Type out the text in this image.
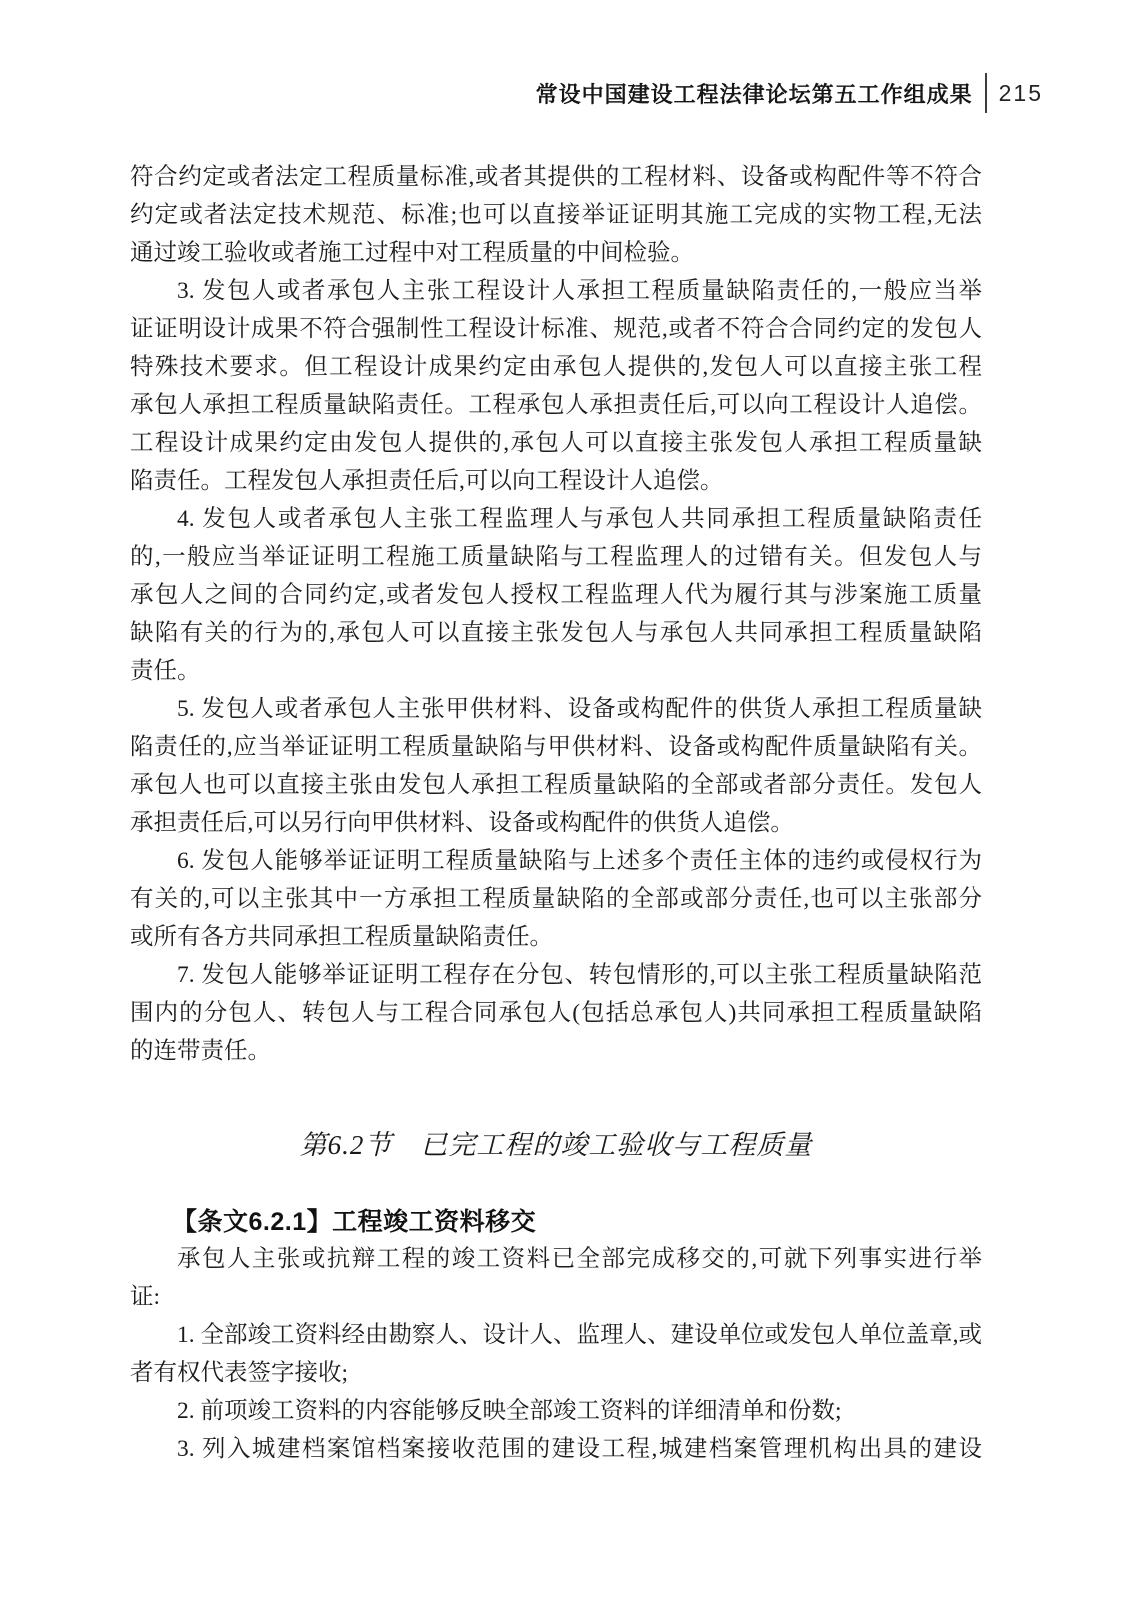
常设中国建设工程法律论坛第五工作组成果 215
符合约定或者法定工程质量标准,或者其提供的工程材料、设备或构配件等不符合
约定或者法定技术规范、标准;也可以直接举证证明其施工完成的实物工程,无法
通过竣工验收或者施工过程中对工程质量的中间检验。
3. 发包人或者承包人主张工程设计人承担工程质量缺陷责任的,一般应当举
证证明设计成果不符合强制性工程设计标准、规范,或者不符合合同约定的发包人
特殊技术要求。但工程设计成果约定由承包人提供的,发包人可以直接主张工程
承包人承担工程质量缺陷责任。工程承包人承担责任后,可以向工程设计人追偿。
工程设计成果约定由发包人提供的,承包人可以直接主张发包人承担工程质量缺
陷责任。工程发包人承担责任后,可以向工程设计人追偿。
4. 发包人或者承包人主张工程监理人与承包人共同承担工程质量缺陷责任
的,一般应当举证证明工程施工质量缺陷与工程监理人的过错有关。但发包人与
承包人之间的合同约定,或者发包人授权工程监理人代为履行其与涉案施工质量
缺陷有关的行为的,承包人可以直接主张发包人与承包人共同承担工程质量缺陷
责任。
5. 发包人或者承包人主张甲供材料、设备或构配件的供货人承担工程质量缺
陷责任的,应当举证证明工程质量缺陷与甲供材料、设备或构配件质量缺陷有关。
承包人也可以直接主张由发包人承担工程质量缺陷的全部或者部分责任。发包人
承担责任后,可以另行向甲供材料、设备或构配件的供货人追偿。
6. 发包人能够举证证明工程质量缺陷与上述多个责任主体的违约或侵权行为
有关的,可以主张其中一方承担工程质量缺陷的全部或部分责任,也可以主张部分
或所有各方共同承担工程质量缺陷责任。
7. 发包人能够举证证明工程存在分包、转包情形的,可以主张工程质量缺陷范
围内的分包人、转包人与工程合同承包人(包括总承包人)共同承担工程质量缺陷
的连带责任。
第6.2节　已完工程的竣工验收与工程质量
【条文6.2.1】工程竣工资料移交
承包人主张或抗辩工程的竣工资料已全部完成移交的,可就下列事实进行举
证:
1. 全部竣工资料经由勘察人、设计人、监理人、建设单位或发包人单位盖章,或
者有权代表签字接收;
2. 前项竣工资料的内容能够反映全部竣工资料的详细清单和份数;
3. 列入城建档案馆档案接收范围的建设工程,城建档案管理机构出具的建设
